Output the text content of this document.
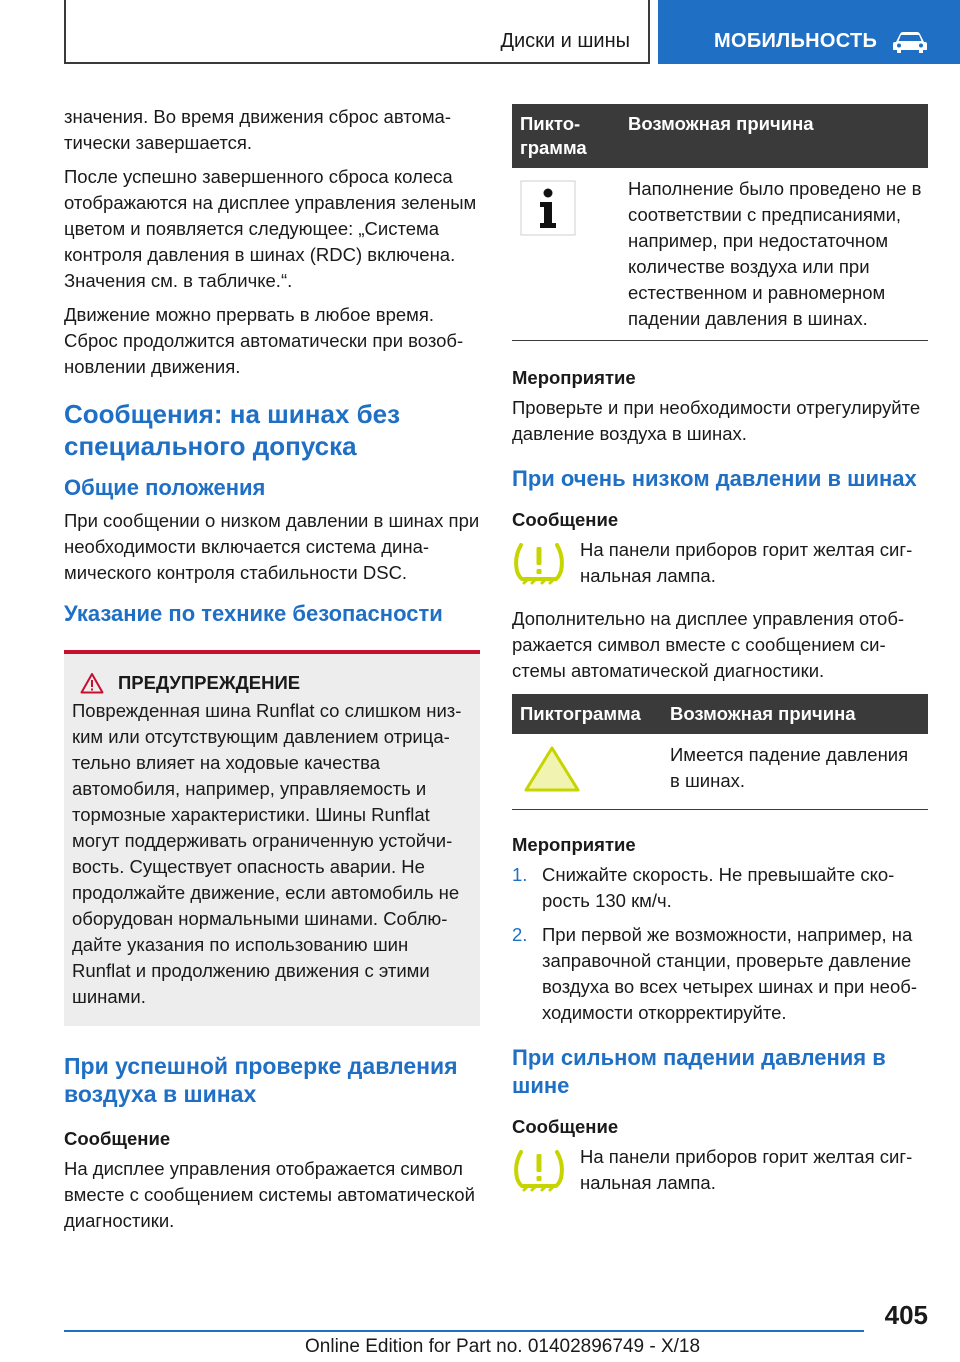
Диски и шины	МОБИЛЬНОСТЬ

значения. Во время движения сброс автоматически завершается.

После успешно завершенного сброса колеса отображаются на дисплее управления зеленым цветом и появляется следующее: „Система контроля давления в шинах (RDC) включена. Значения см. в табличке.“.

Движение можно прервать в любое время. Сброс продолжится автоматически при возобновлении движения.

Сообщения: на шинах без специального допуска
Общие положения

При сообщении о низком давлении в шинах при необходимости включается система динамического контроля стабильности DSC.

Указание по технике безопасности
ПРЕДУПРЕЖДЕНИЕ

Поврежденная шина Runflat со слишком низким или отсутствующим давлением отрицательно влияет на ходовые качества автомобиля, например, управляемость и тормозные характеристики. Шины Runflat могут поддерживать ограниченную устойчивость. Существует опасность аварии. Не продолжайте движение, если автомобиль не оборудован нормальными шинами. Соблюдайте указания по использованию шин Runflat и продолжению движения с этими шинами.

При успешной проверке давления воздуха в шинах
Сообщение

На дисплее управления отображается символ вместе с сообщением системы автоматической диагностики.

Пиктограмма	Возможная причина
	Наполнение было проведено не в соответствии с предписаниями, например, при недостаточном количестве воздуха или при естественном и равномерном падении давления в шинах.
Мероприятие

Проверьте и при необходимости отрегулируйте давление воздуха в шинах.

При очень низком давлении в шинах
Сообщение

На панели приборов горит желтая сигнальная лампа.

Дополнительно на дисплее управления отображается символ вместе с сообщением системы автоматической диагностики.

Пиктограмма	Возможная причина
	Имеется падение давления в шинах.
Мероприятие
1. Снижайте скорость. Не превышайте скорость 130 км/ч.
2. При первой же возможности, например, на заправочной станции, проверьте давление воздуха во всех четырех шинах и при необходимости откорректируйте.
При сильном падении давления в шине
Сообщение

На панели приборов горит желтая сигнальная лампа.

405
Online Edition for Part no. 01402896749 - X/18
